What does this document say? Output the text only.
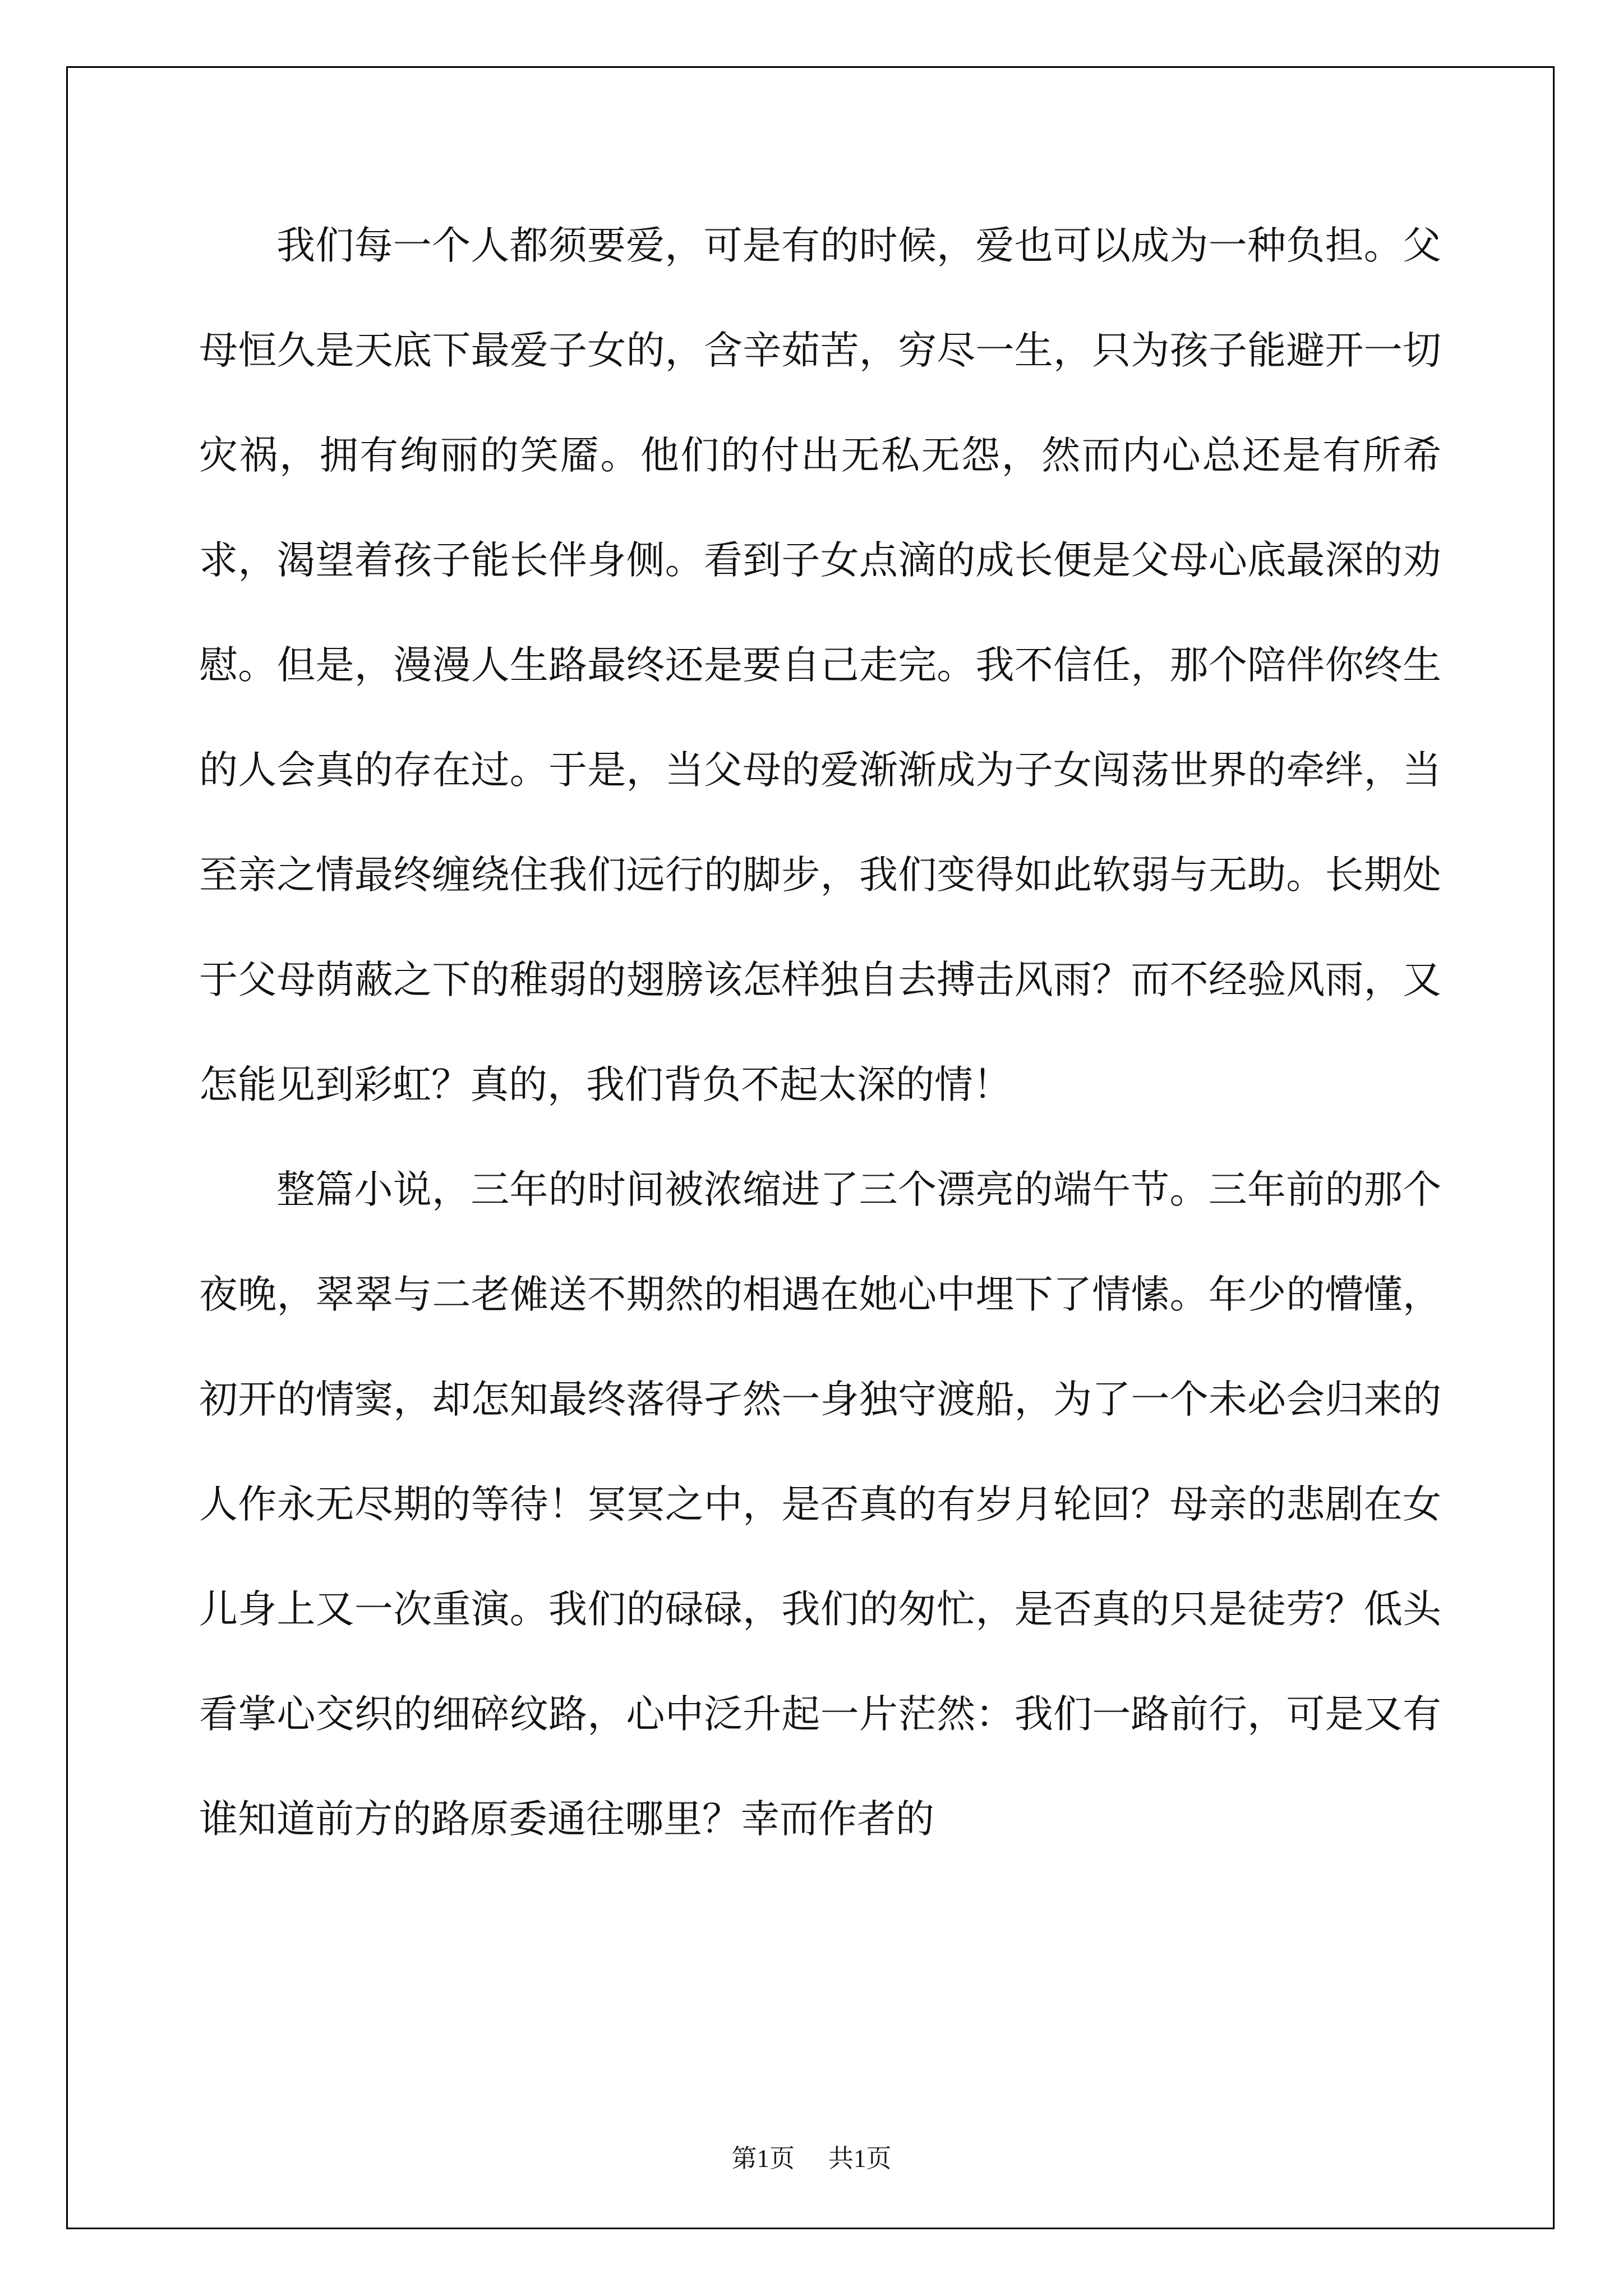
我们每一个人都须要爱，可是有的时候，爱也可以成为一种负担。父母恒久是天底下最爱子女的，含辛茹苦，穷尽一生，只为孩子能避开一切灾祸，拥有绚丽的笑靥。他们的付出无私无怨，然而内心总还是有所希求，渴望着孩子能长伴身侧。看到子女点滴的成长便是父母心底最深的劝慰。但是，漫漫人生路最终还是要自己走完。我不信任，那个陪伴你终生的人会真的存在过。于是，当父母的爱渐渐成为子女闯荡世界的牵绊，当至亲之情最终缠绕住我们远行的脚步，我们变得如此软弱与无助。长期处于父母荫蔽之下的稚弱的翅膀该怎样独自去搏击风雨？而不经验风雨，又怎能见到彩虹？真的，我们背负不起太深的情！

整篇小说，三年的时间被浓缩进了三个漂亮的端午节。三年前的那个夜晚，翠翠与二老傩送不期然的相遇在她心中埋下了情愫。年少的懵懂，初开的情窦，却怎知最终落得孑然一身独守渡船，为了一个未必会归来的人作永无尽期的等待！冥冥之中，是否真的有岁月轮回？母亲的悲剧在女儿身上又一次重演。我们的碌碌，我们的匆忙，是否真的只是徒劳？低头看掌心交织的细碎纹路，心中泛升起一片茫然：我们一路前行，可是又有谁知道前方的路原委通往哪里？幸而作者的

第1页 共1页
